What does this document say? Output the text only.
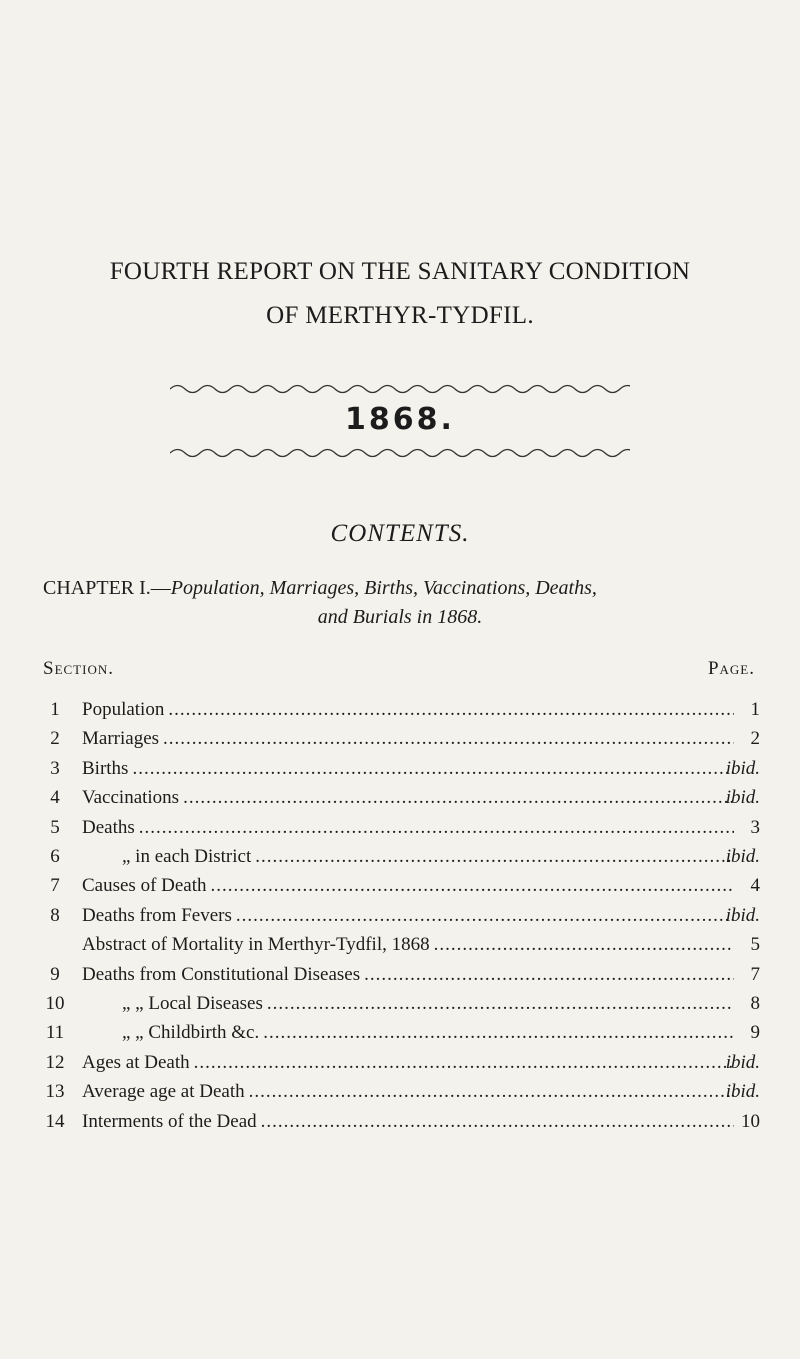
FOURTH REPORT ON THE SANITARY CONDITION
OF MERTHYR-TYDFIL.
1868.
CONTENTS.
CHAPTER I.—Population, Marriages, Births, Vaccinations, Deaths,
and Burials in 1868.
Section.	Page.
1	Population .....	1
2	Marriages .....	2
3	Births .....	ibid.
4	Vaccinations .....	ibid.
5	Deaths .....	3
6	„ in each District .....	ibid.
7	Causes of Death .....	4
8	Deaths from Fevers .....	ibid.
Abstract of Mortality in Merthyr-Tydfil, 1868 .....	5
9	Deaths from Constitutional Diseases .....	7
10	„ „ Local Diseases .....	8
11	„ „ Childbirth &c. .....	9
12 Ages at Death .....	ibid.
13 Average age at Death .....	ibid.
14 Interments of the Dead .....	10
